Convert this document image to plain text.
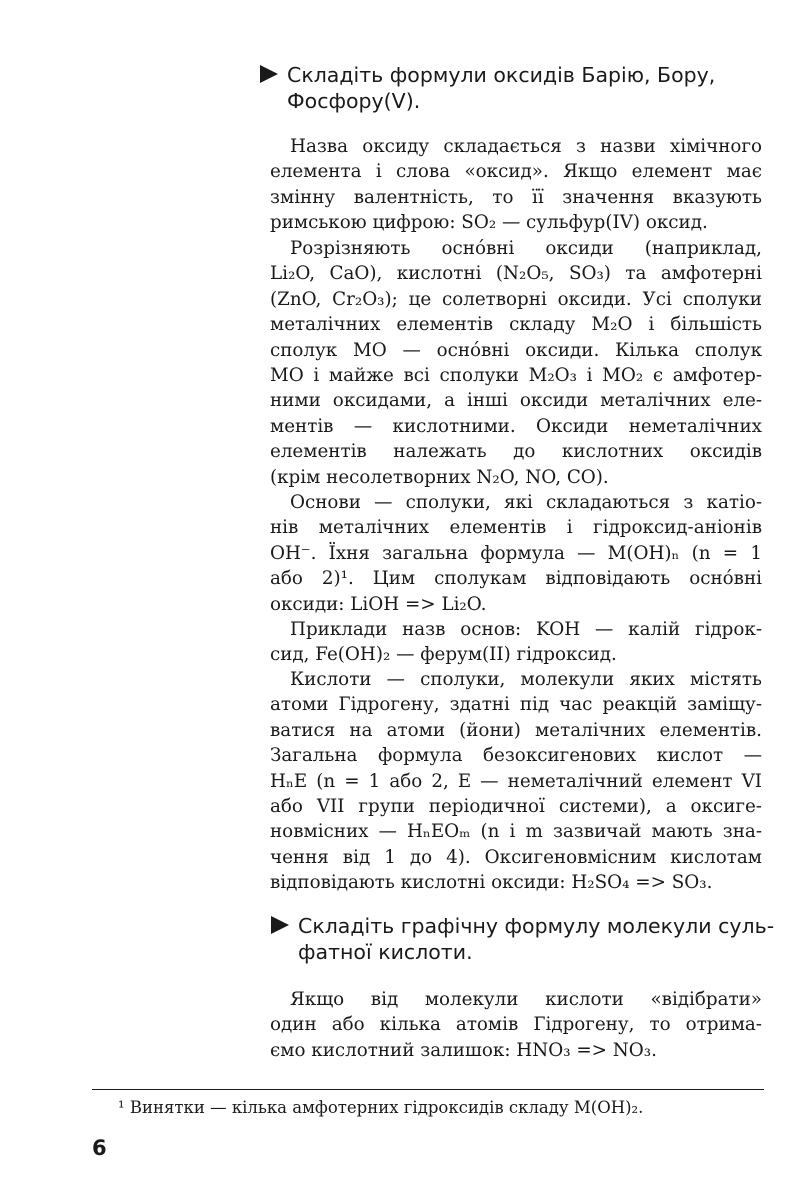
Складіть формули оксидів Барію, Бору,
Фосфору(V).
Назва оксиду складається з назви хімічного
елемента і слова «оксид». Якщо елемент має
змінну валентність, то її значення вказують
римською цифрою: SO₂ — сульфур(IV) оксид.
Розрізняють осно́вні оксиди (наприклад,
Li₂O, CaO), кислотні (N₂O₅, SO₃) та амфотерні
(ZnO, Cr₂O₃); це солетворні оксиди. Усі сполуки
металічних елементів складу M₂O і більшість
сполук MO — осно́вні оксиди. Кілька сполук
MO і майже всі сполуки M₂O₃ і MO₂ є амфотер-
ними оксидами, а інші оксиди металічних еле-
ментів — кислотними. Оксиди неметалічних
елементів належать до кислотних оксидів
(крім несолетворних N₂O, NO, CO).
Основи — сполуки, які складаються з катіо-
нів металічних елементів і гідроксид-аніонів
OH⁻. Їхня загальна формула — M(OH)ₙ (n = 1
або 2)¹. Цим сполукам відповідають осно́вні
оксиди: LiOH => Li₂O.
Приклади назв основ: KOH — калій гідрок-
сид, Fe(OH)₂ — ферум(II) гідроксид.
Кислоти — сполуки, молекули яких містять
атоми Гідрогену, здатні під час реакцій заміщу-
ватися на атоми (йони) металічних елементів.
Загальна формула безоксигенових кислот —
HₙE (n = 1 або 2, E — неметалічний елемент VI
або VII групи періодичної системи), а оксиге-
новмісних — HₙEOₘ (n і m зазвичай мають зна-
чення від 1 до 4). Оксигеновмісним кислотам
відповідають кислотні оксиди: H₂SO₄ => SO₃.
Складіть графічну формулу молекули суль-
фатної кислоти.
Якщо від молекули кислоти «відібрати»
один або кілька атомів Гідрогену, то отрима-
ємо кислотний залишок: HNO₃ => NO₃.
¹ Винятки — кілька амфотерних гідроксидів складу M(OH)₂.
6
